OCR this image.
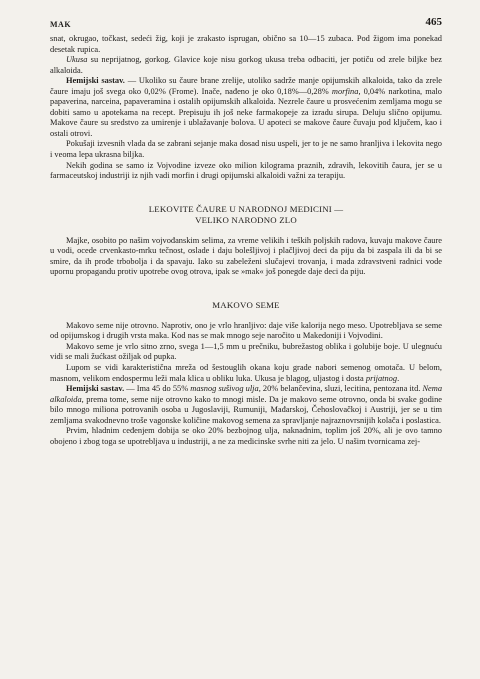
MAK	465

snat, okrugao, točkast, sedeći žig, koji je zrakasto isprugan, obično sa 10—15 zubaca. Pod žigom ima ponekad desetak rupica.

Ukusa su neprijatnog, gorkog. Glavice koje nisu gorkog ukusa treba odbaciti, jer potiču od zrele biljke bez alkaloida.

Hemijski sastav. — Ukoliko su čaure brane zrelije, utoliko sadrže manje opijumskih alkaloida, tako da zrele čaure imaju još svega oko 0,02% (Frome). Inače, nađeno je oko 0,18%—0,28% morfina, 0,04% narkotina, malo papaverina, narceina, papaveramina i ostalih opijumskih alkaloida. Nezrele čaure u prosvećenim zemljama mogu se dobiti samo u apotekama na recept. Prepisuju ih još neke farmakopeje za izradu sirupa. Deluju slično opijumu. Makove čaure su sredstvo za umirenje i ublažavanje bolova. U apoteci se makove čaure čuvaju pod ključem, kao i ostali otrovi.

Pokušaji izvesnih vlada da se zabrani sejanje maka dosad nisu uspeli, jer to je ne samo hranljiva i lekovita nego i veoma lepa ukrasna biljka.

Nekih godina se samo iz Vojvodine izveze oko milion kilograma praznih, zdravih, lekovitih čaura, jer se u farmaceutskoj industriji iz njih vadi morfin i drugi opijumski alkaloidi važni za terapiju.

LEKOVITE ČAURE U NARODNOJ MEDICINI —
VELIKO NARODNO ZLO

Majke, osobito po našim vojvođanskim selima, za vreme velikih i teških poljskih radova, kuvaju makove čaure u vodi, ocede crvenkasto-mrku tečnost, oslade i daju bolešljivoj i plačljivoj deci da piju da bi zaspala ili da bi se smire, da ih prođe trbobolja i da spavaju. Iako su zabeleženi slučajevi trovanja, i mada zdravstveni radnici vode upornu propagandu protiv upotrebe ovog otrova, ipak se »mak« još ponegde daje deci da piju.

MAKOVO SEME

Makovo seme nije otrovno. Naprotiv, ono je vrlo hranljivo: daje više kalorija nego meso. Upotrebljava se seme od opijumskog i drugih vrsta maka. Kod nas se mak mnogo seje naročito u Makedoniji i Vojvodini.

Makovo seme je vrlo sitno zrno, svega 1—1,5 mm u prečniku, bubrežastog oblika i golubije boje. U ulegnuću vidi se mali žućkast ožiljak od pupka.

Lupom se vidi karakteristična mreža od šestouglih okana koju grade nabori semenog omotača. U belom, masnom, velikom endospermu leži mala klica u obliku luka. Ukusa je blagog, uljastog i dosta prijatnog.

Hemijski sastav. — Ima 45 do 55% masnog sušivog ulja, 20% belančevina, sluzi, lecitina, pentozana itd. Nema alkaloida, prema tome, seme nije otrovno kako to mnogi misle. Da je makovo seme otrovno, onda bi svake godine bilo mnogo miliona potrovanih osoba u Jugoslaviji, Rumuniji, Mađarskoj, Čehoslovačkoj i Austriji, jer se u tim zemljama svakodnevno troše vagonske količine makovog semena za spravljanje najraznovrsnijih kolača i poslastica.

Prvim, hladnim ceđenjem dobija se oko 20% bezbojnog ulja, naknadnim, toplim još 20%, ali je ovo tamno obojeno i zbog toga se upotrebljava u industriji, a ne za medicinske svrhe niti za jelo. U našim tvornicama zej-
